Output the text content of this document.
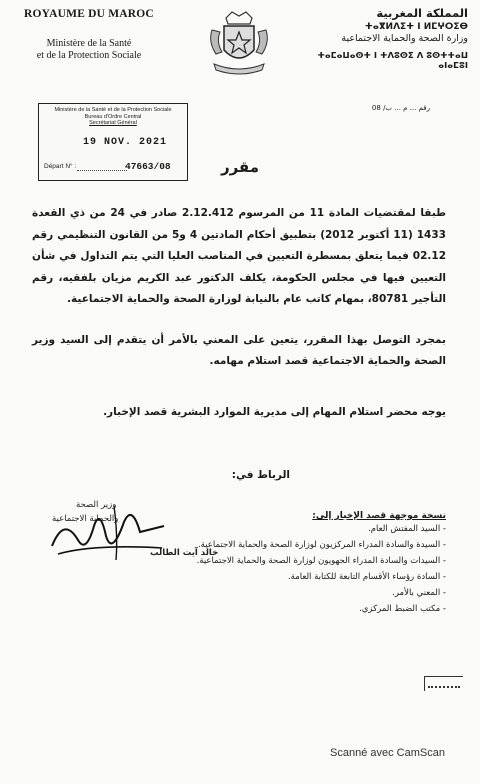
ROYAUME DU MAROC
Ministère de la Santé
et de la Protection Sociale
المملكة المغربية
ⵜⴰⴳⵍⴷⵉⵜ ⵏ ⵍⵎⵖⵔⵉⴱ
وزارة الصحة والحماية الاجتماعية
ⵜⴰⵎⴰⵡⴰⵙⵜ ⵏ ⵜⴷⵓⵙⵉ ⴷ ⵓⵙⵜⵜⴰⵡ ⴰⵏⴰⵎⵓⵏ
رقم ... م ... ب/ 08
Ministère de la Santé et de la Protection Sociale
Bureau d'Ordre Central
Secrétariat Général
19 NOV. 2021
Départ N° :	47663/08	مقرر
طبقا لمقتضيات المادة 11 من المرسوم 2.12.412 صادر في 24 من ذي القعدة 1433 (11 أكتوبر 2012) بتطبيق أحكام المادتين 4 و5 من القانون التنظيمي رقم 02.12 فيما يتعلق بمسطرة التعيين في المناصب العليا التي يتم التداول في شأن التعيين فيها في مجلس الحكومة، يكلف الدكتور عبد الكريم مزيان بلفقيه، رقم التأجير 80781، بمهام كاتب عام بالنيابة لوزارة الصحة والحماية الاجتماعية.
بمجرد التوصل بهذا المقرر، يتعين على المعني بالأمر أن يتقدم إلى السيد وزير الصحة والحماية الاجتماعية قصد استلام مهامه.
يوجه محضر استلام المهام إلى مديرية الموارد البشرية قصد الإخبار.
الرباط في:
وزير الصحة
والحماية الاجتماعية
خالد آيت الطالب
نسخة موجهة قصد الإخبار إلى:
- السيد المفتش العام.
- السيدة والسادة المدراء المركزيون لوزارة الصحة والحماية الاجتماعية.
- السيدات والسادة المدراء الجهويون لوزارة الصحة والحماية الاجتماعية.
- السادة رؤساء الأقسام التابعة للكتابة العامة.
- المعني بالأمر.
- مكتب الضبط المركزي.
Scanné avec CamScan
